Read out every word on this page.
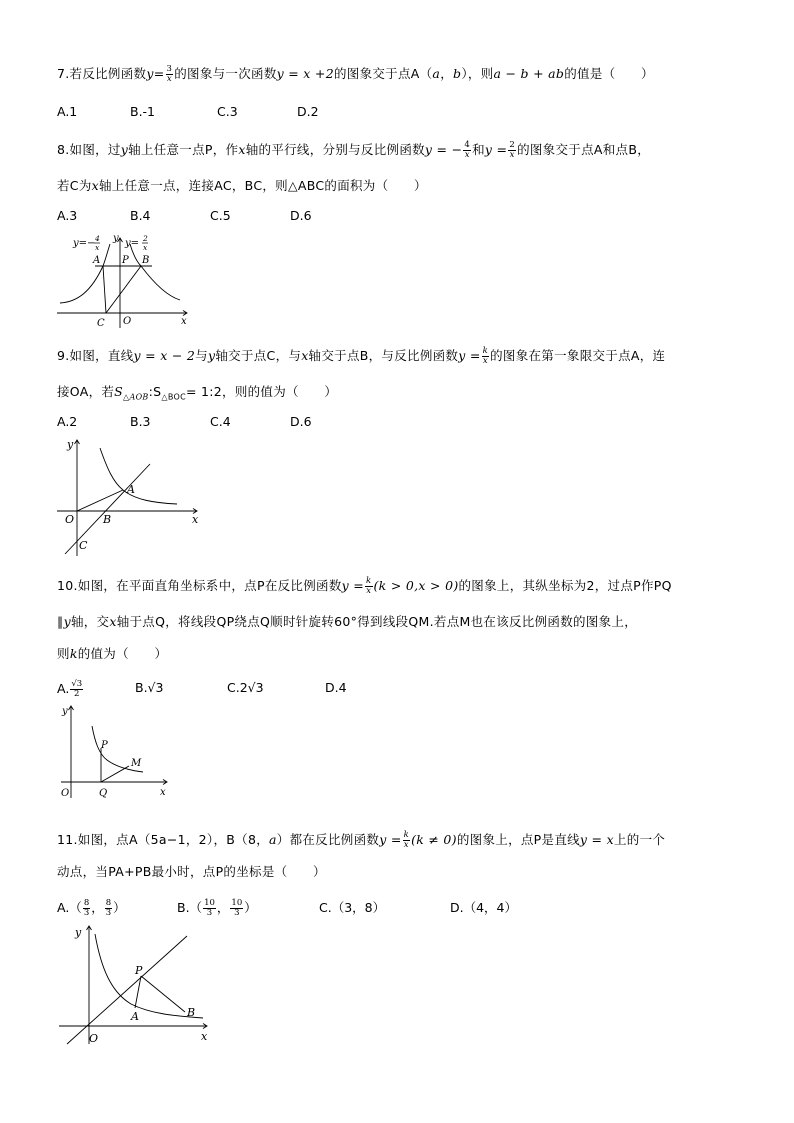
7.若反比例函数$y= \frac{3}{x}$ 的图象与一次函数y = x +2的图象交于点A（a，b），则a − b + ab的值是（　　）
A.1	B.-1	C.3	D.2
8.如图，过y轴上任意一点P，作x轴的平行线，分别与反比例函数y = − $\frac{4}{x}$ 和$y = \frac{2}{x}$ 的图象交于点A和点B，
若C为x轴上任意一点，连接AC，BC，则△ABC的面积为（　　）
A.3	B.4	C.5	D.6
y=− 4
x
y y= 2
x
A P B
C O	x
9.如图，直线y = x − 2与y轴交于点C，与x轴交于点B，与反比例函数$y = \frac{k}{x}$ 的图象在第一象限交于点A，连
接OA，若$S_{\triangle AOB}:S_{\triangle BOC}=$ 1:2，则的值为（　　）
A.2	B.3	C.4	D.6
y
A
O	B
C
x
10.如图，在平面直角坐标系中，点P在反比例函数$y = \frac{k}{x} (k > 0,x > 0)$的图象上，其纵坐标为2，过点P作PQ
∥y轴，交x轴于点Q，将线段QP绕点Q顺时针旋转60°得到线段QM.若点M也在该反比例函数的图象上，
则k的值为（　　）
A. $\frac{√3}{2}$	B.√3	C.2√3	D.4
y
P
M
O	Q	x
11.如图，点A（5a−1，2），B（8，a）都在反比例函数$y = \frac{k}{x} (k \ne 0)$的图象上，点P是直线y = x上的一个
动点，当PA+PB最小时，点P的坐标是（　　）
$A.( \frac{8}{3}$ ， $\frac{8}{3}$ ）	$B.( \frac{10}{3}$ ， $\frac{10}{3}$ ）	C.（3，8）	D.（4，4）
y
P
A	B
O	x
